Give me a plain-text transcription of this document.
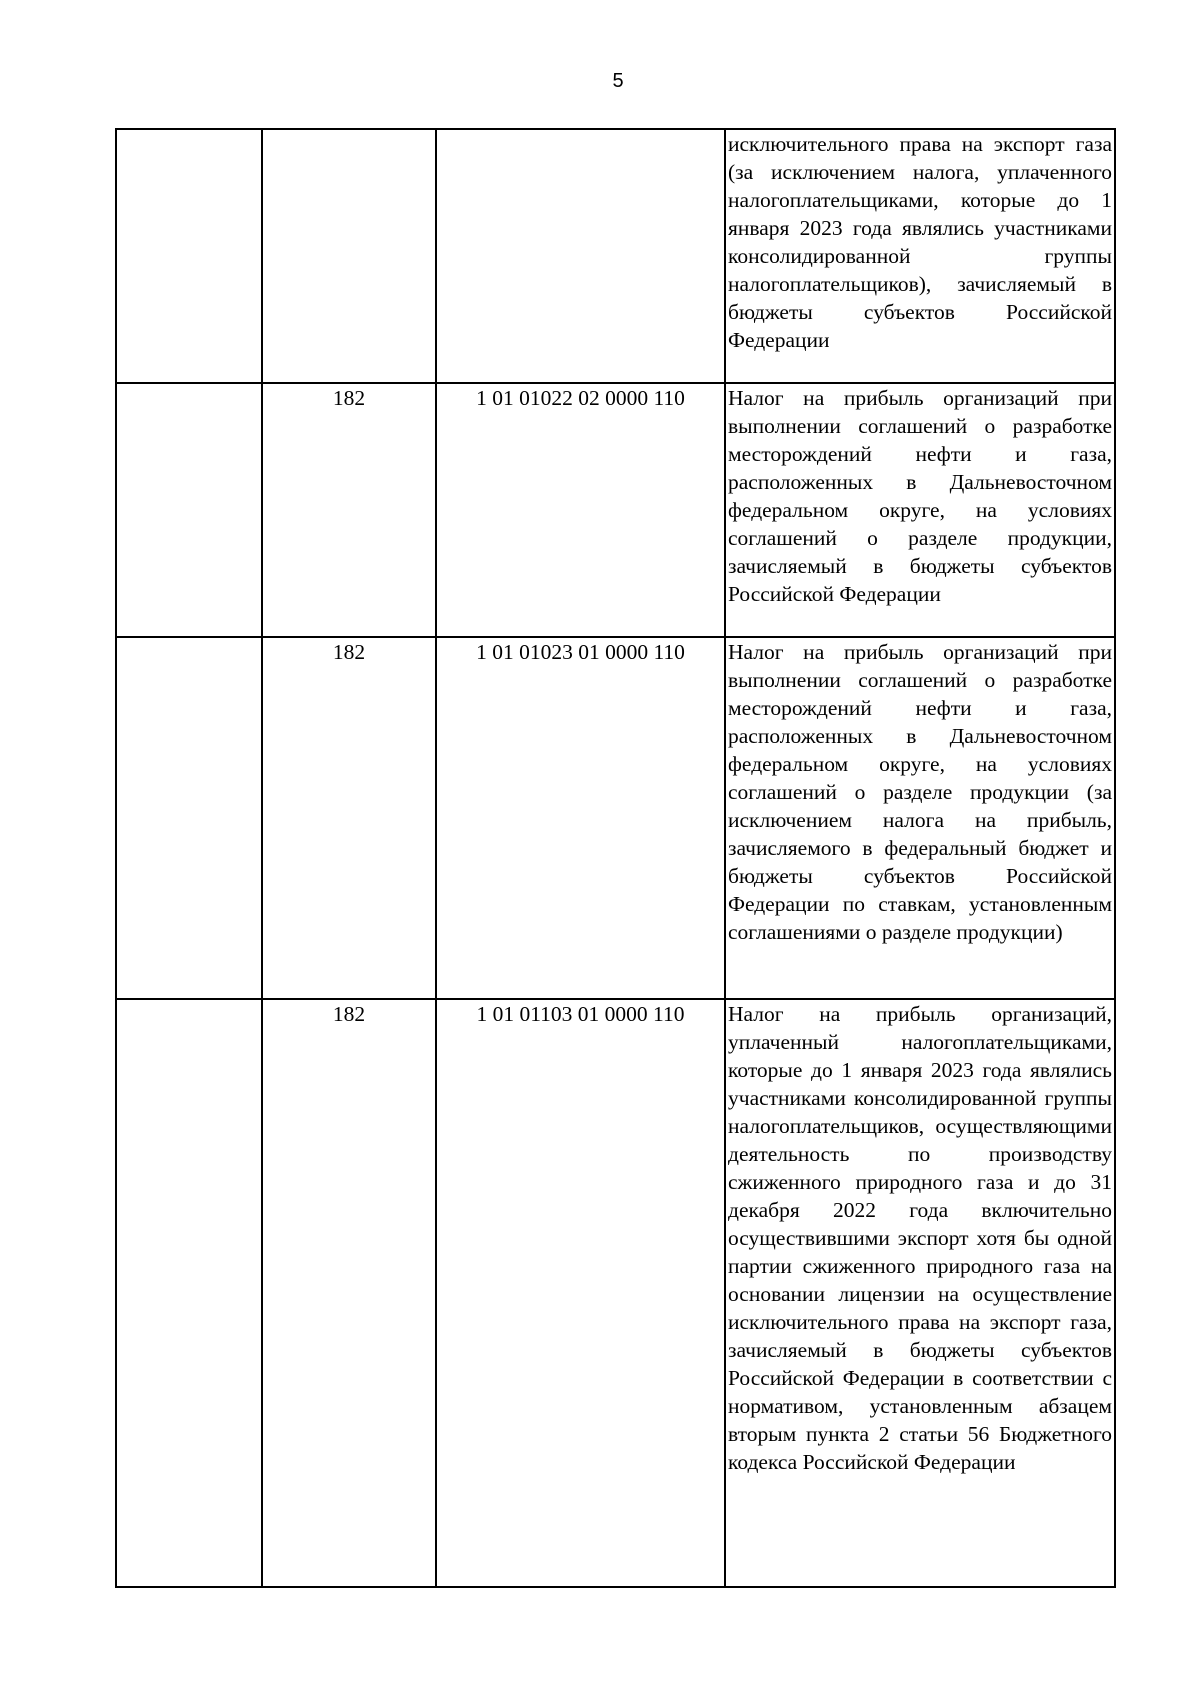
5
			исключительного права на экспорт газа (за исключением налога, уплаченного налогоплательщиками, которые до 1 января 2023 года являлись участниками консолидированной группы налогоплательщиков), зачисляемый в бюджеты субъектов Российской Федерации
	182	1 01 01022 02 0000 110	Налог на прибыль организаций при выполнении соглашений о разработке месторождений нефти и газа, расположенных в Дальневосточном федеральном округе, на условиях соглашений о разделе продукции, зачисляемый в бюджеты субъектов Российской Федерации
	182	1 01 01023 01 0000 110	Налог на прибыль организаций при выполнении соглашений о разработке месторождений нефти и газа, расположенных в Дальневосточном федеральном округе, на условиях соглашений о разделе продукции (за исключением налога на прибыль, зачисляемого в федеральный бюджет и бюджеты субъектов Российской Федерации по ставкам, установленным соглашениями о разделе продукции)
	182	1 01 01103 01 0000 110	Налог на прибыль организаций, уплаченный налогоплательщиками, которые до 1 января 2023 года являлись участниками консолидированной группы налогоплательщиков, осуществляющими деятельность по производству сжиженного природного газа и до 31 декабря 2022 года включительно осуществившими экспорт хотя бы одной партии сжиженного природного газа на основании лицензии на осуществление исключительного права на экспорт газа, зачисляемый в бюджеты субъектов Российской Федерации в соответствии с нормативом, установленным абзацем вторым пункта 2 статьи 56 Бюджетного кодекса Российской Федерации
